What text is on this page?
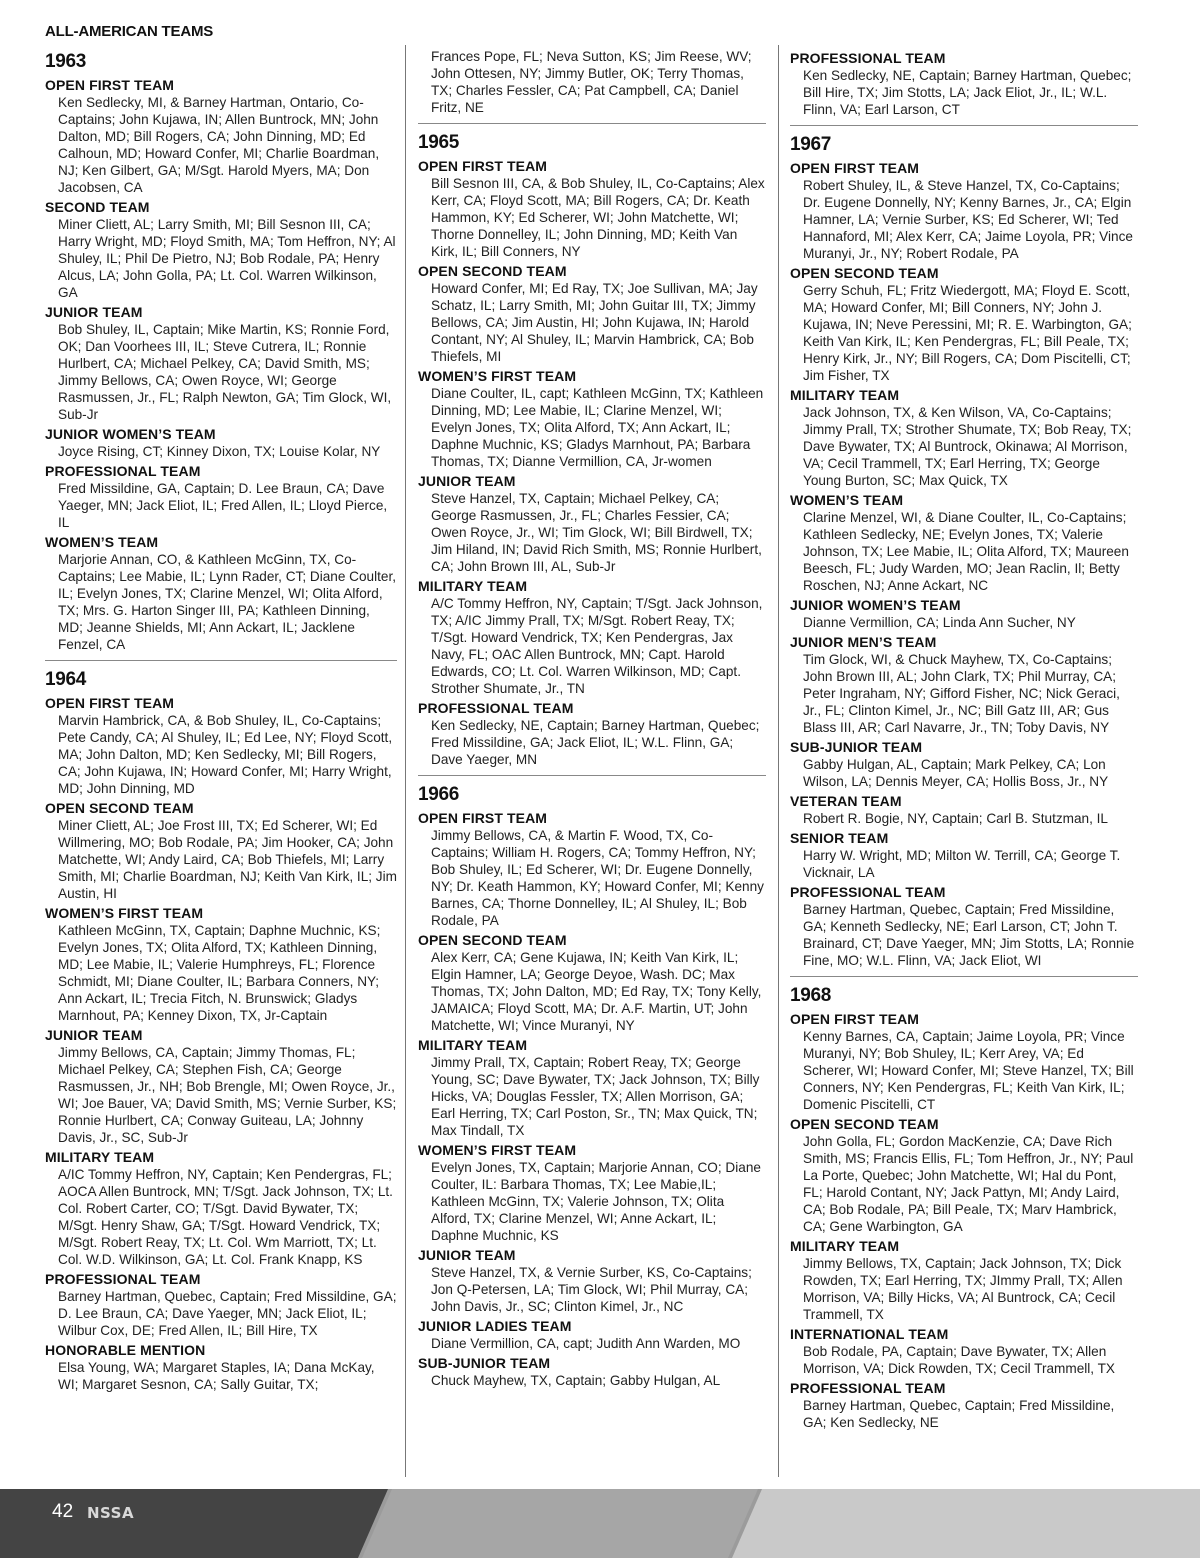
ALL-AMERICAN TEAMS
1963
OPEN FIRST TEAM
Ken Sedlecky, MI, & Barney Hartman, Ontario, Co-Captains; John Kujawa, IN; Allen Buntrock, MN; John Dalton, MD; Bill Rogers, CA; John Dinning, MD; Ed Calhoun, MD; Howard Confer, MI; Charlie Boardman, NJ; Ken Gilbert, GA; M/Sgt. Harold Myers, MA; Don Jacobsen, CA
SECOND TEAM
Miner Cliett, AL; Larry Smith, MI; Bill Sesnon III, CA; Harry Wright, MD; Floyd Smith, MA; Tom Heffron, NY; Al Shuley, IL; Phil De Pietro, NJ; Bob Rodale, PA; Henry Alcus, LA; John Golla, PA; Lt. Col. Warren Wilkinson, GA
JUNIOR TEAM
Bob Shuley, IL, Captain; Mike Martin, KS; Ronnie Ford, OK; Dan Voorhees III, IL; Steve Cutrera, IL; Ronnie Hurlbert, CA; Michael Pelkey, CA; David Smith, MS; Jimmy Bellows, CA; Owen Royce, WI; George Rasmussen, Jr., FL; Ralph Newton, GA; Tim Glock, WI, Sub-Jr
JUNIOR WOMEN’S TEAM
Joyce Rising, CT; Kinney Dixon, TX; Louise Kolar, NY
PROFESSIONAL TEAM
Fred Missildine, GA, Captain; D. Lee Braun, CA; Dave Yaeger, MN; Jack Eliot, IL; Fred Allen, IL; Lloyd Pierce, IL
WOMEN’S TEAM
Marjorie Annan, CO, & Kathleen McGinn, TX, Co-Captains; Lee Mabie, IL; Lynn Rader, CT; Diane Coulter, IL; Evelyn Jones, TX; Clarine Menzel, WI; Olita Alford, TX; Mrs. G. Harton Singer III, PA; Kathleen Dinning, MD; Jeanne Shields, MI; Ann Ackart, IL; Jacklene Fenzel, CA
1964
OPEN FIRST TEAM
Marvin Hambrick, CA, & Bob Shuley, IL, Co-Captains; Pete Candy, CA; Al Shuley, IL; Ed Lee, NY; Floyd Scott, MA; John Dalton, MD; Ken Sedlecky, MI; Bill Rogers, CA; John Kujawa, IN; Howard Confer, MI; Harry Wright, MD; John Dinning, MD
OPEN SECOND TEAM
Miner Cliett, AL; Joe Frost III, TX; Ed Scherer, WI; Ed Willmering, MO; Bob Rodale, PA; Jim Hooker, CA; John Matchette, WI; Andy Laird, CA; Bob Thiefels, MI; Larry Smith, MI; Charlie Boardman, NJ; Keith Van Kirk, IL; Jim Austin, HI
WOMEN’S FIRST TEAM
Kathleen McGinn, TX, Captain; Daphne Muchnic, KS; Evelyn Jones, TX; Olita Alford, TX; Kathleen Dinning, MD; Lee Mabie, IL; Valerie Humphreys, FL; Florence Schmidt, MI; Diane Coulter, IL; Barbara Conners, NY; Ann Ackart, IL; Trecia Fitch, N. Brunswick; Gladys Marnhout, PA; Kenney Dixon, TX, Jr-Captain
JUNIOR TEAM
Jimmy Bellows, CA, Captain; Jimmy Thomas, FL; Michael Pelkey, CA; Stephen Fish, CA; George Rasmussen, Jr., NH; Bob Brengle, MI; Owen Royce, Jr., WI; Joe Bauer, VA; David Smith, MS; Vernie Surber, KS; Ronnie Hurlbert, CA; Conway Guiteau, LA; Johnny Davis, Jr., SC, Sub-Jr
MILITARY TEAM
A/IC Tommy Heffron, NY, Captain; Ken Pendergras, FL; AOCA Allen Buntrock, MN; T/Sgt. Jack Johnson, TX; Lt. Col. Robert Carter, CO; T/Sgt. David Bywater, TX; M/Sgt. Henry Shaw, GA; T/Sgt. Howard Vendrick, TX; M/Sgt. Robert Reay, TX; Lt. Col. Wm Marriott, TX; Lt. Col. W.D. Wilkinson, GA; Lt. Col. Frank Knapp, KS
PROFESSIONAL TEAM
Barney Hartman, Quebec, Captain; Fred Missildine, GA; D. Lee Braun, CA; Dave Yaeger, MN; Jack Eliot, IL; Wilbur Cox, DE; Fred Allen, IL; Bill Hire, TX
HONORABLE MENTION
Elsa Young, WA; Margaret Staples, IA; Dana McKay, WI; Margaret Sesnon, CA; Sally Guitar, TX;
Frances Pope, FL; Neva Sutton, KS; Jim Reese, WV; John Ottesen, NY; Jimmy Butler, OK; Terry Thomas, TX; Charles Fessler, CA; Pat Campbell, CA; Daniel Fritz, NE
1965
OPEN FIRST TEAM
Bill Sesnon III, CA, & Bob Shuley, IL, Co-Captains; Alex Kerr, CA; Floyd Scott, MA; Bill Rogers, CA; Dr. Keath Hammon, KY; Ed Scherer, WI; John Matchette, WI; Thorne Donnelley, IL; John Dinning, MD; Keith Van Kirk, IL; Bill Conners, NY
OPEN SECOND TEAM
Howard Confer, MI; Ed Ray, TX; Joe Sullivan, MA; Jay Schatz, IL; Larry Smith, MI; John Guitar III, TX; Jimmy Bellows, CA; Jim Austin, HI; John Kujawa, IN; Harold Contant, NY; Al Shuley, IL; Marvin Hambrick, CA; Bob Thiefels, MI
WOMEN’S FIRST TEAM
Diane Coulter, IL, capt; Kathleen McGinn, TX; Kathleen Dinning, MD; Lee Mabie, IL; Clarine Menzel, WI; Evelyn Jones, TX; Olita Alford, TX; Ann Ackart, IL; Daphne Muchnic, KS; Gladys Marnhout, PA; Barbara Thomas, TX; Dianne Vermillion, CA, Jr-women
JUNIOR TEAM
Steve Hanzel, TX, Captain; Michael Pelkey, CA; George Rasmussen, Jr., FL; Charles Fessier, CA; Owen Royce, Jr., WI; Tim Glock, WI; Bill Birdwell, TX; Jim Hiland, IN; David Rich Smith, MS; Ronnie Hurlbert, CA; John Brown III, AL, Sub-Jr
MILITARY TEAM
A/C Tommy Heffron, NY, Captain; T/Sgt. Jack Johnson, TX; A/IC Jimmy Prall, TX; M/Sgt. Robert Reay, TX; T/Sgt. Howard Vendrick, TX; Ken Pendergras, Jax Navy, FL; OAC Allen Buntrock, MN; Capt. Harold Edwards, CO; Lt. Col. Warren Wilkinson, MD; Capt. Strother Shumate, Jr., TN
PROFESSIONAL TEAM
Ken Sedlecky, NE, Captain; Barney Hartman, Quebec; Fred Missildine, GA; Jack Eliot, IL; W.L. Flinn, GA; Dave Yaeger, MN
1966
OPEN FIRST TEAM
Jimmy Bellows, CA, & Martin F. Wood, TX, Co-Captains; William H. Rogers, CA; Tommy Heffron, NY; Bob Shuley, IL; Ed Scherer, WI; Dr. Eugene Donnelly, NY; Dr. Keath Hammon, KY; Howard Confer, MI; Kenny Barnes, CA; Thorne Donnelley, IL; Al Shuley, IL; Bob Rodale, PA
OPEN SECOND TEAM
Alex Kerr, CA; Gene Kujawa, IN; Keith Van Kirk, IL; Elgin Hamner, LA; George Deyoe, Wash. DC; Max Thomas, TX; John Dalton, MD; Ed Ray, TX; Tony Kelly, JAMAICA; Floyd Scott, MA; Dr. A.F. Martin, UT; John Matchette, WI; Vince Muranyi, NY
MILITARY TEAM
Jimmy Prall, TX, Captain; Robert Reay, TX; George Young, SC; Dave Bywater, TX; Jack Johnson, TX; Billy Hicks, VA; Douglas Fessler, TX; Allen Morrison, GA; Earl Herring, TX; Carl Poston, Sr., TN; Max Quick, TN; Max Tindall, TX
WOMEN’S FIRST TEAM
Evelyn Jones, TX, Captain; Marjorie Annan, CO; Diane Coulter, IL: Barbara Thomas, TX; Lee Mabie,IL; Kathleen McGinn, TX; Valerie Johnson, TX; Olita Alford, TX; Clarine Menzel, WI; Anne Ackart, IL; Daphne Muchnic, KS
JUNIOR TEAM
Steve Hanzel, TX, & Vernie Surber, KS, Co-Captains; Jon Q-Petersen, LA; Tim Glock, WI; Phil Murray, CA; John Davis, Jr., SC; Clinton Kimel, Jr., NC
JUNIOR LADIES TEAM
Diane Vermillion, CA, capt; Judith Ann Warden, MO
SUB-JUNIOR TEAM
Chuck Mayhew, TX, Captain; Gabby Hulgan, AL
PROFESSIONAL TEAM
Ken Sedlecky, NE, Captain; Barney Hartman, Quebec; Bill Hire, TX; Jim Stotts, LA; Jack Eliot, Jr., IL; W.L. Flinn, VA; Earl Larson, CT
1967
OPEN FIRST TEAM
Robert Shuley, IL, & Steve Hanzel, TX, Co-Captains; Dr. Eugene Donnelly, NY; Kenny Barnes, Jr., CA; Elgin Hamner, LA; Vernie Surber, KS; Ed Scherer, WI; Ted Hannaford, MI; Alex Kerr, CA; Jaime Loyola, PR; Vince Muranyi, Jr., NY; Robert Rodale, PA
OPEN SECOND TEAM
Gerry Schuh, FL; Fritz Wiedergott, MA; Floyd E. Scott, MA; Howard Confer, MI; Bill Conners, NY; John J. Kujawa, IN; Neve Peressini, MI; R. E. Warbington, GA; Keith Van Kirk, IL; Ken Pendergras, FL; Bill Peale, TX; Henry Kirk, Jr., NY; Bill Rogers, CA; Dom Piscitelli, CT; Jim Fisher, TX
MILITARY TEAM
Jack Johnson, TX, & Ken Wilson, VA, Co-Captains; Jimmy Prall, TX; Strother Shumate, TX; Bob Reay, TX; Dave Bywater, TX; Al Buntrock, Okinawa; Al Morrison, VA; Cecil Trammell, TX; Earl Herring, TX; George Young Burton, SC; Max Quick, TX
WOMEN’S TEAM
Clarine Menzel, WI, & Diane Coulter, IL, Co-Captains; Kathleen Sedlecky, NE; Evelyn Jones, TX; Valerie Johnson, TX; Lee Mabie, IL; Olita Alford, TX; Maureen Beesch, FL; Judy Warden, MO; Jean Raclin, Il; Betty Roschen, NJ; Anne Ackart, NC
JUNIOR WOMEN’S TEAM
Dianne Vermillion, CA; Linda Ann Sucher, NY
JUNIOR MEN’S TEAM
Tim Glock, WI, & Chuck Mayhew, TX, Co-Captains; John Brown III, AL; John Clark, TX; Phil Murray, CA; Peter Ingraham, NY; Gifford Fisher, NC; Nick Geraci, Jr., FL; Clinton Kimel, Jr., NC; Bill Gatz III, AR; Gus Blass III, AR; Carl Navarre, Jr., TN; Toby Davis, NY
SUB-JUNIOR TEAM
Gabby Hulgan, AL, Captain; Mark Pelkey, CA; Lon Wilson, LA; Dennis Meyer, CA; Hollis Boss, Jr., NY
VETERAN TEAM
Robert R. Bogie, NY, Captain; Carl B. Stutzman, IL
SENIOR TEAM
Harry W. Wright, MD; Milton W. Terrill, CA; George T. Vicknair, LA
PROFESSIONAL TEAM
Barney Hartman, Quebec, Captain; Fred Missildine, GA; Kenneth Sedlecky, NE; Earl Larson, CT; John T. Brainard, CT; Dave Yaeger, MN; Jim Stotts, LA; Ronnie Fine, MO; W.L. Flinn, VA; Jack Eliot, WI
1968
OPEN FIRST TEAM
Kenny Barnes, CA, Captain; Jaime Loyola, PR; Vince Muranyi, NY; Bob Shuley, IL; Kerr Arey, VA; Ed Scherer, WI; Howard Confer, MI; Steve Hanzel, TX; Bill Conners, NY; Ken Pendergras, FL; Keith Van Kirk, IL; Domenic Piscitelli, CT
OPEN SECOND TEAM
John Golla, FL; Gordon MacKenzie, CA; Dave Rich Smith, MS; Francis Ellis, FL; Tom Heffron, Jr., NY; Paul La Porte, Quebec; John Matchette, WI; Hal du Pont, FL; Harold Contant, NY; Jack Pattyn, MI; Andy Laird, CA; Bob Rodale, PA; Bill Peale, TX; Marv Hambrick, CA; Gene Warbington, GA
MILITARY TEAM
Jimmy Bellows, TX, Captain; Jack Johnson, TX; Dick Rowden, TX; Earl Herring, TX; JImmy Prall, TX; Allen Morrison, VA; Billy Hicks, VA; Al Buntrock, CA; Cecil Trammell, TX
INTERNATIONAL TEAM
Bob Rodale, PA, Captain; Dave Bywater, TX; Allen Morrison, VA; Dick Rowden, TX; Cecil Trammell, TX
PROFESSIONAL TEAM
Barney Hartman, Quebec, Captain; Fred Missildine, GA; Ken Sedlecky, NE
42 NSSA
